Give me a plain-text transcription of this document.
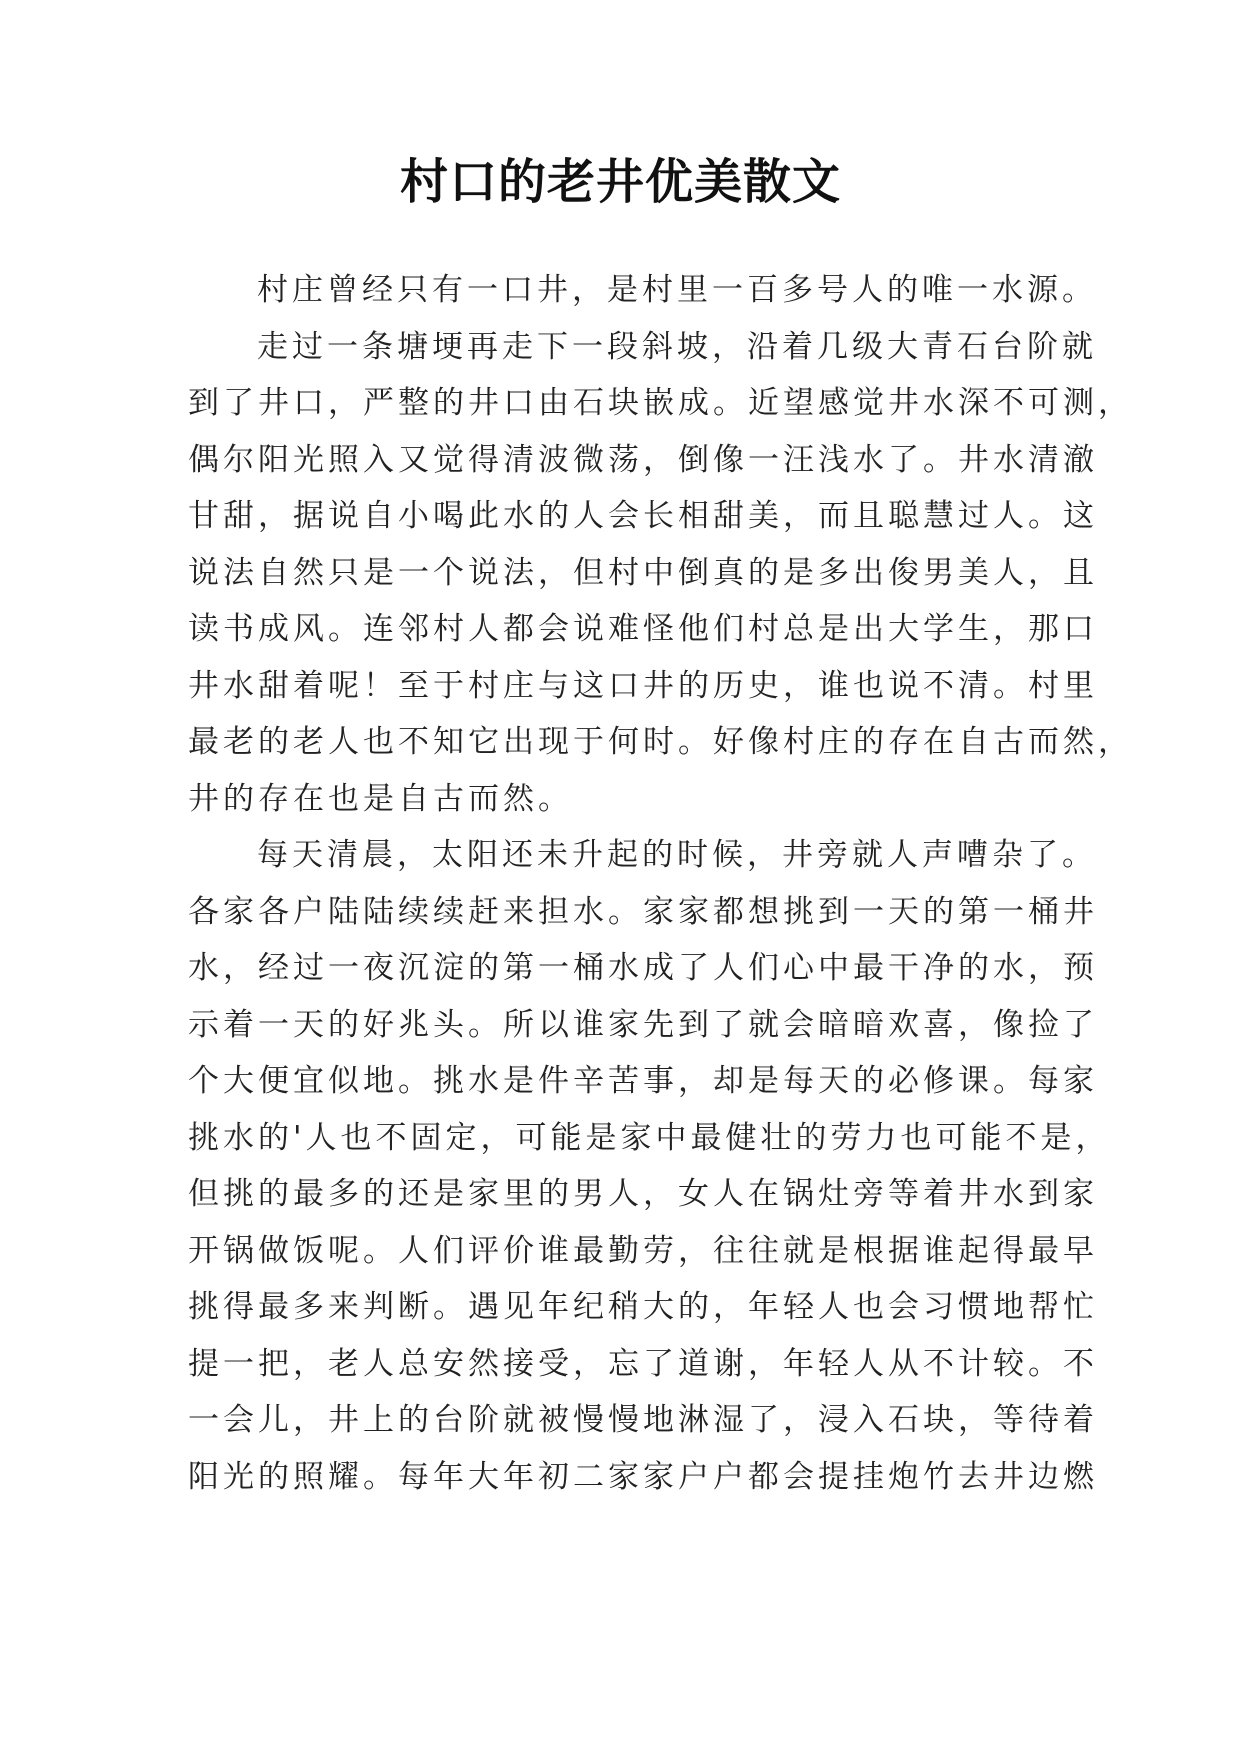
村口的老井优美散文
村庄曾经只有一口井，是村里一百多号人的唯一水源。
走过一条塘埂再走下一段斜坡，沿着几级大青石台阶就
到了井口，严整的井口由石块嵌成。近望感觉井水深不可测，
偶尔阳光照入又觉得清波微荡，倒像一汪浅水了。井水清澈
甘甜，据说自小喝此水的人会长相甜美，而且聪慧过人。这
说法自然只是一个说法，但村中倒真的是多出俊男美人，且
读书成风。连邻村人都会说难怪他们村总是出大学生，那口
井水甜着呢！至于村庄与这口井的历史，谁也说不清。村里
最老的老人也不知它出现于何时。好像村庄的存在自古而然，
井的存在也是自古而然。
每天清晨，太阳还未升起的时候，井旁就人声嘈杂了。
各家各户陆陆续续赶来担水。家家都想挑到一天的第一桶井
水，经过一夜沉淀的第一桶水成了人们心中最干净的水，预
示着一天的好兆头。所以谁家先到了就会暗暗欢喜，像捡了
个大便宜似地。挑水是件辛苦事，却是每天的必修课。每家
挑水的'人也不固定，可能是家中最健壮的劳力也可能不是，
但挑的最多的还是家里的男人，女人在锅灶旁等着井水到家
开锅做饭呢。人们评价谁最勤劳，往往就是根据谁起得最早
挑得最多来判断。遇见年纪稍大的，年轻人也会习惯地帮忙
提一把，老人总安然接受，忘了道谢，年轻人从不计较。不
一会儿，井上的台阶就被慢慢地淋湿了，浸入石块，等待着
阳光的照耀。每年大年初二家家户户都会提挂炮竹去井边燃
